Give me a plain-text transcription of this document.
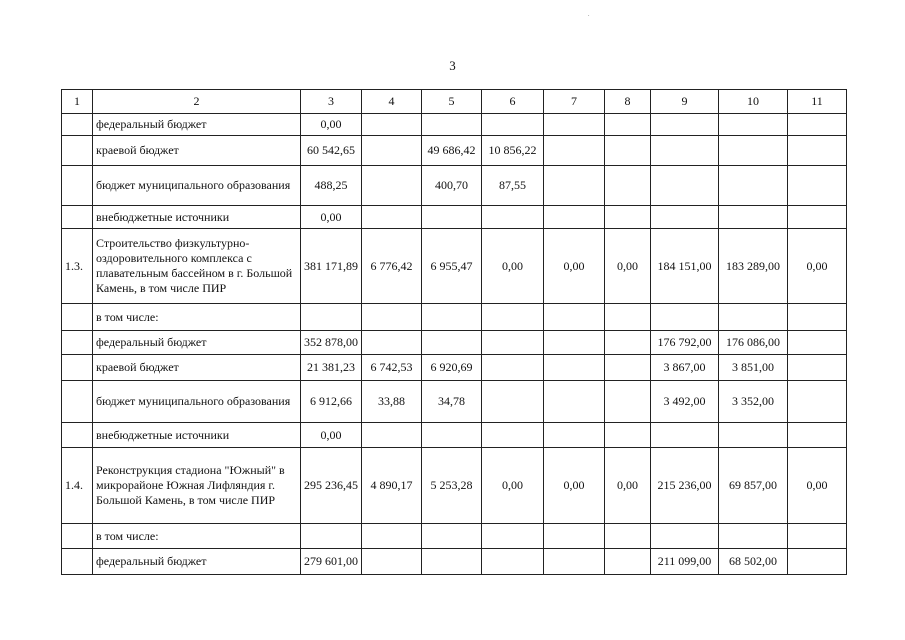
.
3
1	2	3	4	5	6	7	8	9	10	11
	федеральный бюджет	0,00								
	краевой бюджет	60 542,65		49 686,42	10 856,22					
	бюджет муниципального образования	488,25		400,70	87,55					
	внебюджетные источники	0,00								
1.3.	Строительство физкультурно-оздоровительного комплекса с плавательным бассейном в г. Большой Камень, в том числе ПИР	381 171,89	6 776,42	6 955,47	0,00	0,00	0,00	184 151,00	183 289,00	0,00
	в том числе:									
	федеральный бюджет	352 878,00						176 792,00	176 086,00	
	краевой бюджет	21 381,23	6 742,53	6 920,69				3 867,00	3 851,00	
	бюджет муниципального образования	6 912,66	33,88	34,78				3 492,00	3 352,00	
	внебюджетные источники	0,00								
1.4.	Реконструкция стадиона "Южный" в микрорайоне Южная Лифляндия г. Большой Камень, в том числе ПИР	295 236,45	4 890,17	5 253,28	0,00	0,00	0,00	215 236,00	69 857,00	0,00
	в том числе:									
	федеральный бюджет	279 601,00						211 099,00	68 502,00	
